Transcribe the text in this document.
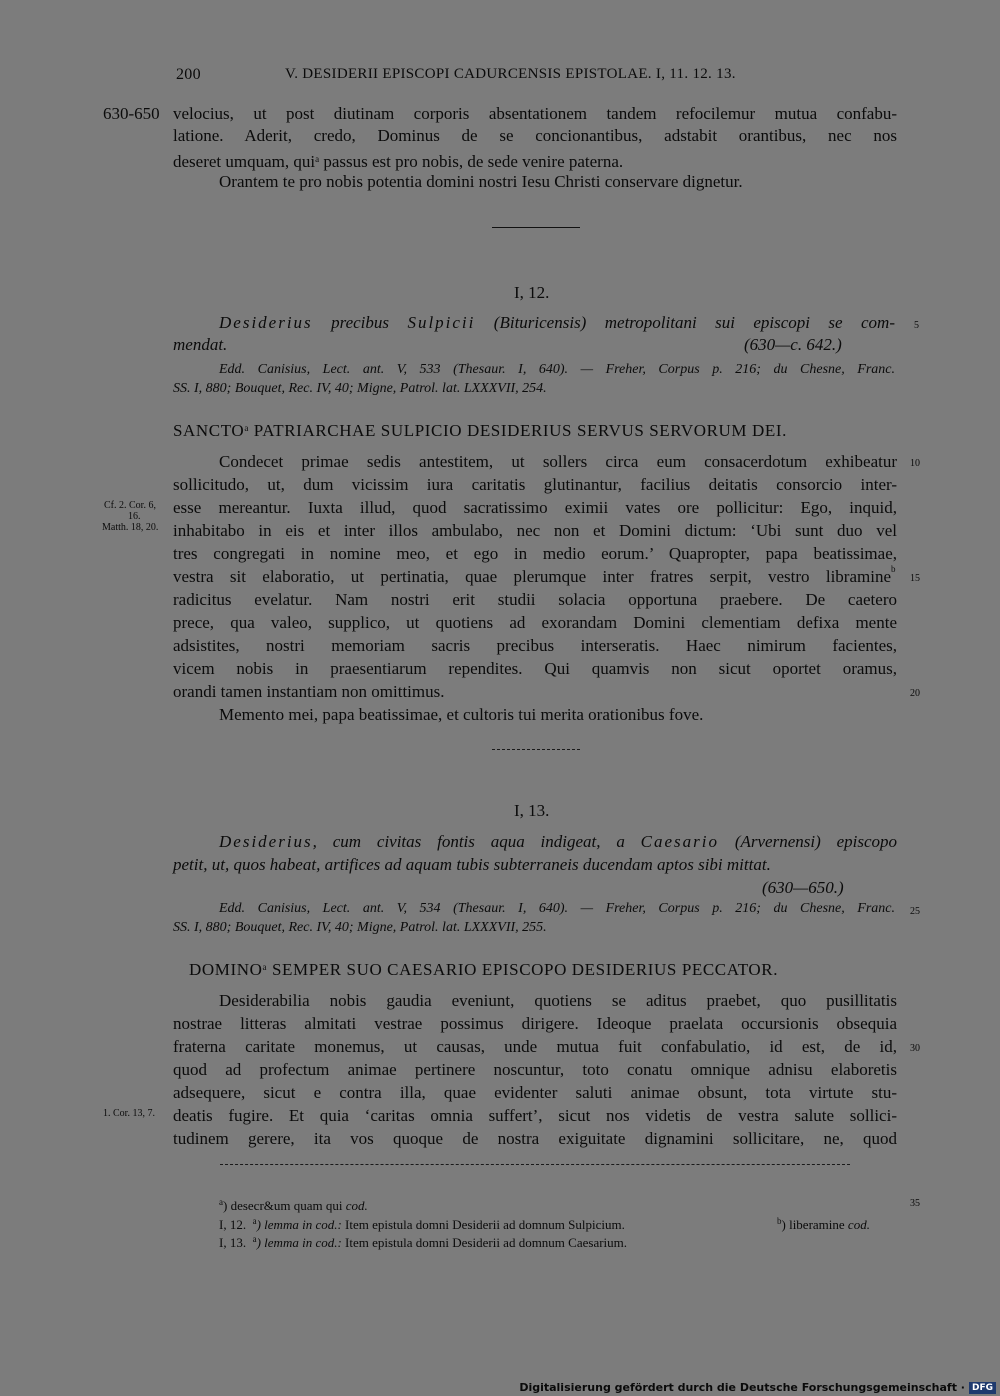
200	V. DESIDERII EPISCOPI CADURCENSIS EPISTOLAE. I, 11. 12. 13.
630-650 velocius, ut post diutinam corporis absentationem tandem refocilemur mutua confabu-
latione. Aderit, credo, Dominus de se concionantibus, adstabit orantibus, nec nos
deseret umquam, qui$^a$ passus est pro nobis, de sede venire paterna.
Orantem te pro nobis potentia domini nostri Iesu Christi conservare dignetur.
I, 12.
Desiderius precibus Sulpicii (Bituricensis) metropolitani sui episcopi se com-
mendat.	(630—c. 642.)
Edd. Canisius, Lect. ant. V, 533 (Thesaur. I, 640). — Freher, Corpus p. 216; du Chesne, Franc.
SS. I, 880; Bouquet, Rec. IV, 40; Migne, Patrol. lat. LXXXVII, 254.
SANCTO$^a$ PATRIARCHAE SULPICIO DESIDERIUS SERVUS SERVORUM DEI.
Condecet primae sedis antestitem, ut sollers circa eum consacerdotum exhibeatur
sollicitudo, ut, dum vicissim iura caritatis glutinantur, facilius deitatis consorcio inter-
esse mereantur. Iuxta illud, quod sacratissimo eximii vates ore pollicitur: Ego, inquid,
inhabitabo in eis et inter illos ambulabo, nec non et Domini dictum: ‘Ubi sunt duo vel
tres congregati in nomine meo, et ego in medio eorum.’ Quapropter, papa beatissimae,
vestra sit elaboratio, ut pertinatia, quae plerumque inter fratres serpit, vestro libramine b
radicitus evelatur. Nam nostri erit studii solacia opportuna praebere. De caetero
prece, qua valeo, supplico, ut quotiens ad exorandam Domini clementiam defixa mente
adsistites, nostri memoriam sacris precibus interseratis. Haec nimirum facientes,
vicem nobis in praesentiarum rependites. Qui quamvis non sicut oportet oramus,
orandi tamen instantiam non omittimus.
Memento mei, papa beatissimae, et cultoris tui merita orationibus fove.
Cf. 2. Cor. 6,
16.
Matth. 18, 20.
I, 13.
Desiderius, cum civitas fontis aqua indigeat, a Caesario (Arvernensi) episcopo
petit, ut, quos habeat, artifices ad aquam tubis subterraneis ducendam aptos sibi mittat.
(630—650.)
Edd. Canisius, Lect. ant. V, 534 (Thesaur. I, 640). — Freher, Corpus p. 216; du Chesne, Franc.
SS. I, 880; Bouquet, Rec. IV, 40; Migne, Patrol. lat. LXXXVII, 255.
DOMINO$^a$ SEMPER SUO CAESARIO EPISCOPO DESIDERIUS PECCATOR.
Desiderabilia nobis gaudia eveniunt, quotiens se aditus praebet, quo pusillitatis
nostrae litteras almitati vestrae possimus dirigere. Ideoque praelata occursionis obsequia
fraterna caritate monemus, ut causas, unde mutua fuit confabulatio, id est, de id,
quod ad profectum animae pertinere noscuntur, toto conatu omnique adnisu elaboretis
adsequere, sicut e contra illa, quae evidenter saluti animae obsunt, tota virtute stu-
deatis fugire. Et quia ‘caritas omnia suffert’, sicut nos videtis de vestra salute sollici-
tudinem gerere, ita vos quoque de nostra exiguitate dignamini sollicitare, ne, quod
1. Cor. 13, 7.
5
10
15
20
25
30
35
$^a$) desecr&um quam qui cod.
I, 12. $^a$) lemma in cod.: Item epistula domni Desiderii ad domnum Sulpicium.	$^b$) liberamine cod.
I, 13. $^a$) lemma in cod.: Item epistula domni Desiderii ad domnum Caesarium.
Digitalisierung gefördert durch die Deutsche Forschungsgemeinschaft · DFG
